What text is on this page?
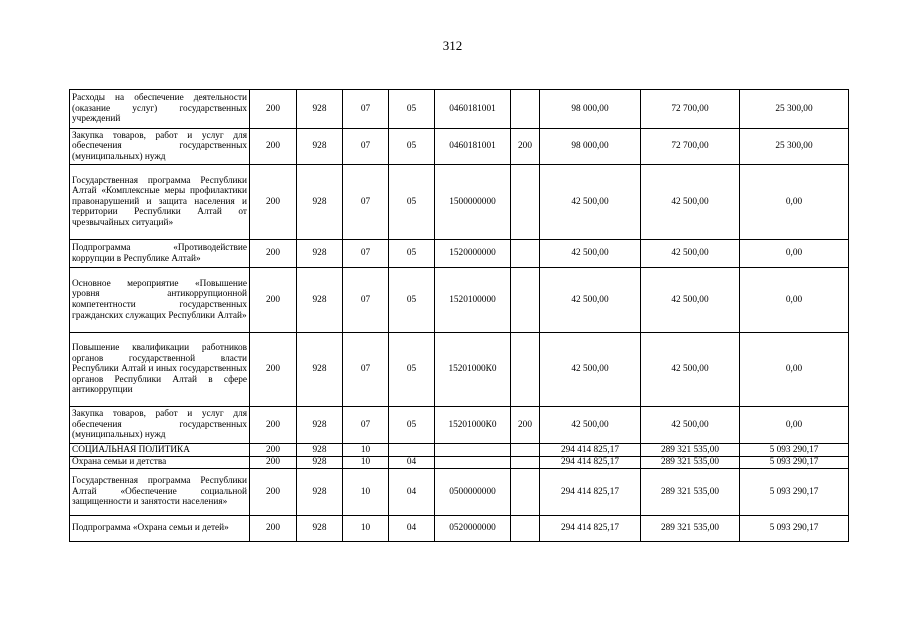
312
Расходы на обеспечение деятельности (оказание услуг) государственных учреждений	200	928	07	05	0460181001		98 000,00	72 700,00	25 300,00
Закупка товаров, работ и услуг для обеспечения государственных (муниципальных) нужд	200	928	07	05	0460181001	200	98 000,00	72 700,00	25 300,00
Государственная программа Республики Алтай «Комплексные меры профилактики правонарушений и защита населения и территории Республики Алтай от чрезвычайных ситуаций»	200	928	07	05	1500000000		42 500,00	42 500,00	0,00
Подпрограмма «Противодействие коррупции в Республике Алтай»	200	928	07	05	1520000000		42 500,00	42 500,00	0,00
Основное мероприятие «Повышение уровня антикоррупционной компетентности государственных гражданских служащих Республики Алтай»	200	928	07	05	1520100000		42 500,00	42 500,00	0,00
Повышение квалификации работников органов государственной власти Республики Алтай и иных государственных органов Республики Алтай в сфере антикоррупции	200	928	07	05	15201000К0		42 500,00	42 500,00	0,00
Закупка товаров, работ и услуг для обеспечения государственных (муниципальных) нужд	200	928	07	05	15201000К0	200	42 500,00	42 500,00	0,00
СОЦИАЛЬНАЯ ПОЛИТИКА	200	928	10				294 414 825,17	289 321 535,00	5 093 290,17
Охрана семьи и детства	200	928	10	04			294 414 825,17	289 321 535,00	5 093 290,17
Государственная программа Республики Алтай «Обеспечение социальной защищенности и занятости населения»	200	928	10	04	0500000000		294 414 825,17	289 321 535,00	5 093 290,17
Подпрограмма «Охрана семьи и детей»	200	928	10	04	0520000000		294 414 825,17	289 321 535,00	5 093 290,17
